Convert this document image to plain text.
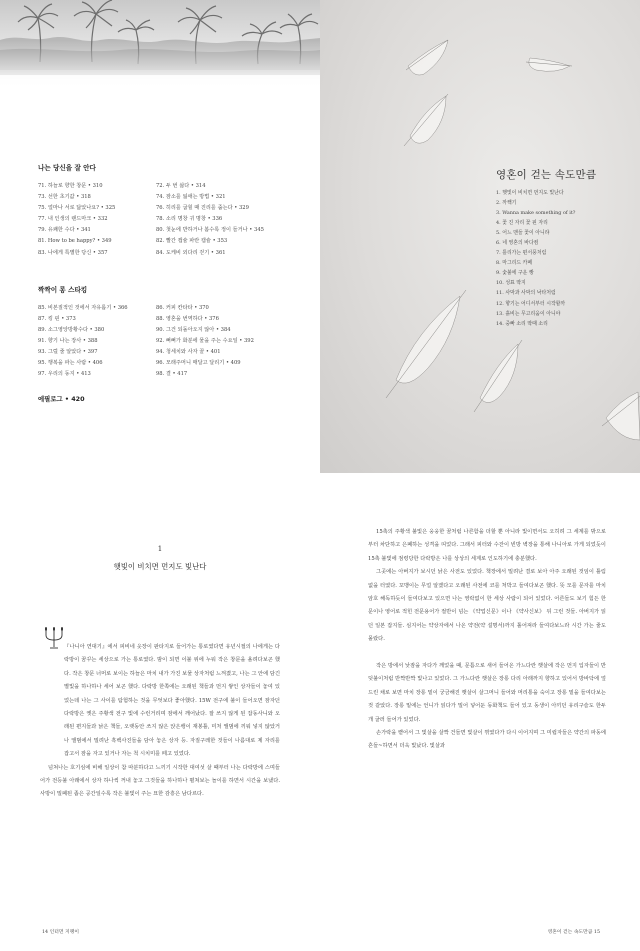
나는 당신을 잘 안다
71. 하늘로 향한 창문 • 310
73. 선한 초기값 • 318
75. 얼마나 서로 닮았나요? • 325
77. 내 인생의 랜드마크 • 332
79. 유쾌한 수다 • 341
81. How to be happy? • 349
83. 나에게 특별한 당신 • 357
72. 두 번 삶다 • 314
74. 잠소를 잃애는 방법 • 321
76. 히리를 굽힐 때 진리를 줍는다 • 329
78. 소리 명창 귀 명창 • 336
80. 첫눈에 반하거나 봄수록 정이 들거나 • 345
82. 빨간 캡슐 파란 캡슐 • 353
84. 도케비 외다리 걷기 • 361
짝짝이 롱 스타킹
85. 비본질적인 것에서 자유롭기 • 366
87. 킹 핀 • 373
89. 소그영앙방황수다 • 380
91. 향기 나는 장사 • 388
93. 그럴 줄 알았다 • 397
95. 행복을 파는 사람 • 406
97. 우리의 동지 • 413
86. 커피 칸타타 • 370
88. 영혼을 번역하다 • 376
90. 그건 되돌아오지 않아 • 384
92. 뻐뻐가 화분에 물을 주는 수요일 • 392
94. 청세치와 사자 꿀 • 401
96. 모래주머니 매달고 달리기 • 409
98. 결 • 417
에필로그 • 420
영혼이 걷는 속도만큼
1. 햇빛이 비치면 먼지도 빛난다
2. 까짹기
3. Wanna make something of it?
4. 꽃 진 자리 꽃 핀 자리
5. 어느 맨들 꽃이 아니랴
6. 네 영혼의 바다컴
7. 틀리가는 편서풍처럼
8. 마그리드 카페
9. 숯불에 구운 빵
10. 성표 딱지
11. 사막과 사막의 낙타처럼
12. 향기는 어디서부터 시작할까
13. 흙비는 무고리움이 아니야
14. 중빠 소리 딱때 소리
1
햇빛이 비치면 먼지도 빛난다

『나니아 연대기』에서 피비네 옷장이 판타지로 들어가는 통로였다면 유년시절의 나에게는 다락방이 꿈꾸는 세상으로 가는 통로였다. 밤이 되면 이불 위에 누워 작은 창문을 올려다보곤 했다. 작은 창문 너머로 보이는 하늘은 마치 내가 가진 보물 상자처럼 느껴졌고, 나는 그 안에 담긴 별빛을 하나하나 세어 보곤 했다. 다락방 한쪽에는 오래된 책들과 먼지 쌓인 상자들이 놓여 있었는데 나는 그 사이를 탐험하는 것을 무엇보다 좋아했다. 15W 전구에 불이 들어오면 잠자던 다락방은 옛은 주황색 전구 빛에 수런거리며 잠에서 깨어났다. 잘 쓰지 않게 된 잡동사니와 오래된 편지들과 낡은 책들, 오랫동안 쓰지 않은 앉은뱅이 재봉틀, 미처 앨범에 끼워 넣지 않았거나 앨범에서 밀려난 흑백사진들을 담아 놓은 상자 등. 자질구레한 것들이 나름대로 제 자리를 잡고서 잠을 자고 있거나 자는 척 시치미를 떼고 있었다.

넘쳐나는 호기심에 비해 일상이 참 따분하다고 느끼기 시작한 대여섯 살 때부터 나는 다락방에 스며들어가 전등불 아래에서 상자 하나씩 꺼내 놓고 그것들을 하나하나 펼쳐보는 놀이를 하면서 시간을 보냈다. 사방이 밀폐된 좁은 공간일수록 작은 불빛이 주는 묘한 감흥은 남다르다.

14 인터먼 지팽이

15촉의 주황색 불빛은 웅웅한 꿈처럼 나른함을 더할 뿐 아니라 빛이면서도 오히려 그 세계를 밖으로부터 차단하고 은폐하는 성격을 띠었다. 그래서 피터와 수잔이 빈방 벽장을 통해 나니아로 가게 되었듯이 15촉 불빛에 점령당한 다락방은 나를 상상의 세계로 인도하기에 충분했다.

그곳에는 아버지가 보시던 낡은 사전도 있었다. 책장에서 밀려난 결로 보아 아주 오래된 것임이 틀림없을 터였다. 꼬맹이는 무얼 알겠다고 오래된 사전에 코를 처박고 들여다보곤 했다. 뜻 모를 문자를 마치 암호 해독하듯이 들여다보고 있으면 나는 영락없이 한 세상 사람이 되어 있었다. 어른들도 보기 힘든 한문이나 영어로 적힌 전문용어가 절반이 넘는 《약업신문》이나 《약사신보》 뒤 그런 것들. 아버지가 읽던 일본 잡지들. 심지어는 약상자에서 나온 약전(약 설명서)까지 톨어져라 들여다보느라 시간 가는 줄도 몰랐다.

작은 방에서 낮잠을 자다가 깨었을 때, 문틈으로 새어 들어온 가느다란 햇살에 작은 먼지 입자들이 반딧불이처럼 반짝반짝 빛나고 있었다. 그 가느다란 햇살은 장롱 다리 아래까지 향하고 있어서 방바닥에 엎드린 채로 보면 마치 장롱 밑이 궁금해진 햇살이 살그머니 들어와 머리통을 숙이고 장롱 밑을 들여다보는 것 같았다. 장롱 밑에는 언니가 읽다가 밀어 넣어둔 동화책도 들어 있고 동생이 아끼던 유리구슬도 한두 개 굴러 들어가 있었다.

손가락을 뻗어서 그 빛살을 살짝 건들면 빛살이 꺾였다가 다시 이어지며 그 미립자들은 약간의 파동에 흔들~하면서 더욱 빛났다. 빛살과

영혼이 걷는 속도만큼 15
